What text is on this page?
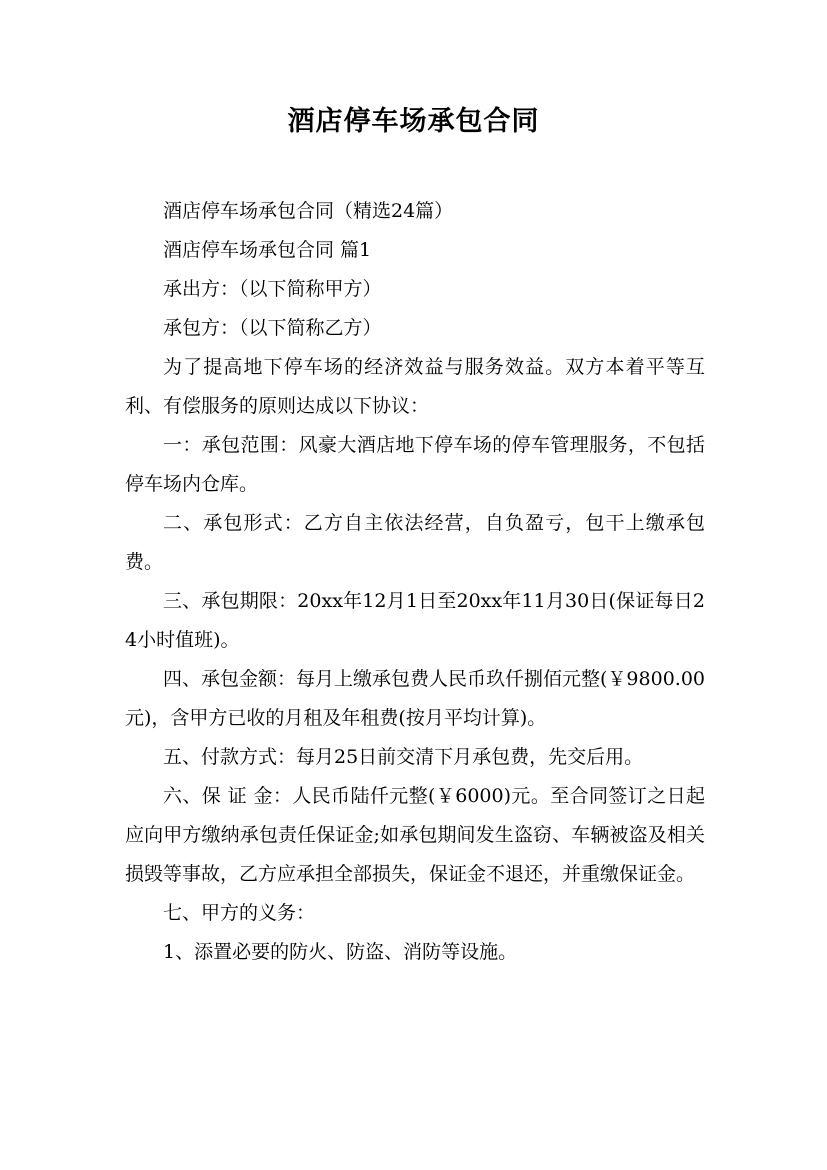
酒店停车场承包合同

酒店停车场承包合同（精选24篇）

酒店停车场承包合同 篇1

承出方：（以下简称甲方）

承包方：（以下简称乙方）

为了提高地下停车场的经济效益与服务效益。双方本着平等互利、有偿服务的原则达成以下协议：

一：承包范围：风豪大酒店地下停车场的停车管理服务，不包括停车场内仓库。

二、承包形式：乙方自主依法经营，自负盈亏，包干上缴承包费。

三、承包期限：20xx年12月1日至20xx年11月30日(保证每日24小时值班)。

四、承包金额：每月上缴承包费人民币玖仟捌佰元整(￥9800.00元)，含甲方已收的月租及年租费(按月平均计算)。

五、付款方式：每月25日前交清下月承包费，先交后用。

六、保 证 金：人民币陆仟元整(￥6000)元。至合同签订之日起应向甲方缴纳承包责任保证金;如承包期间发生盗窃、车辆被盗及相关损毁等事故，乙方应承担全部损失，保证金不退还，并重缴保证金。

七、甲方的义务：

1、添置必要的防火、防盗、消防等设施。
